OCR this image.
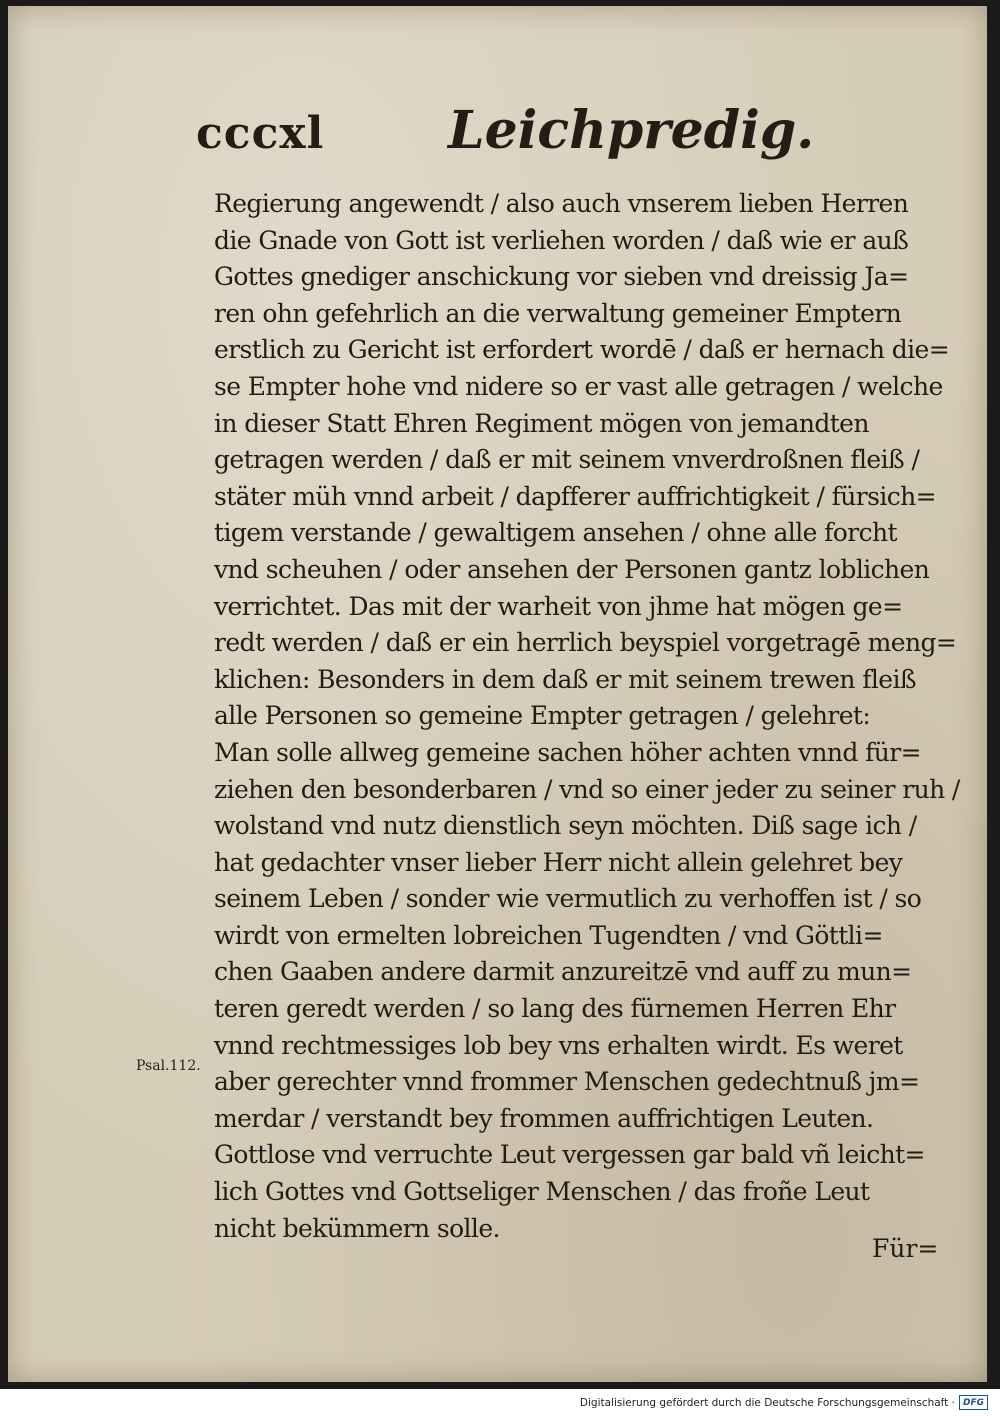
cccxl Leichpredig.
Regierung angewendt / also auch vnserem lieben Herren
die Gnade von Gott ist verliehen worden / daß wie er auß
Gottes gnediger anschickung vor sieben vnd dreissig Ja=
ren ohn gefehrlich an die verwaltung gemeiner Emptern
erstlich zu Gericht ist erfordert wordē / daß er hernach die=
se Empter hohe vnd nidere so er vast alle getragen / welche
in dieser Statt Ehren Regiment mögen von jemandten
getragen werden / daß er mit seinem vnverdroßnen fleiß /
stäter müh vnnd arbeit / dapfferer auffrichtigkeit / fürsich=
tigem verstande / gewaltigem ansehen / ohne alle forcht
vnd scheuhen / oder ansehen der Personen gantz loblichen
verrichtet. Das mit der warheit von jhme hat mögen ge=
redt werden / daß er ein herrlich beyspiel vorgetragē meng=
klichen: Besonders in dem daß er mit seinem trewen fleiß
alle Personen so gemeine Empter getragen / gelehret:
Man solle allweg gemeine sachen höher achten vnnd für=
ziehen den besonderbaren / vnd so einer jeder zu seiner ruh /
wolstand vnd nutz dienstlich seyn möchten. Diß sage ich /
hat gedachter vnser lieber Herr nicht allein gelehret bey
seinem Leben / sonder wie vermutlich zu verhoffen ist / so
wirdt von ermelten lobreichen Tugendten / vnd Göttli=
chen Gaaben andere darmit anzureitzē vnd auff zu mun=
teren geredt werden / so lang des fürnemen Herren Ehr
vnnd rechtmessiges lob bey vns erhalten wirdt. Es weret
aber gerechter vnnd frommer Menschen gedechtnuß jm=
merdar / verstandt bey frommen auffrichtigen Leuten.
Gottlose vnd verruchte Leut vergessen gar bald vñ leicht=
lich Gottes vnd Gottseliger Menschen / das froñe Leut
nicht bekümmern solle.
Psal.112.
Für=
Digitalisierung gefördert durch die Deutsche Forschungsgemeinschaft · DFG
